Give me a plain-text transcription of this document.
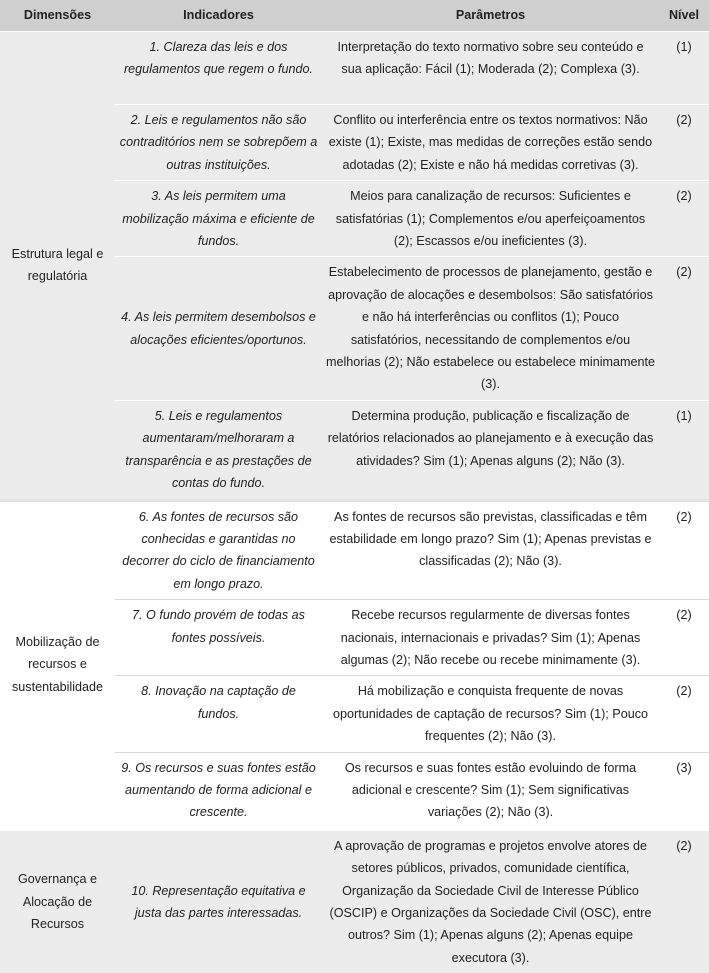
Dimensões	Indicadores	Parâmetros	Nível
Estrutura legal e regulatória	1. Clareza das leis e dos regulamentos que regem o fundo.	Interpretação do texto normativo sobre seu conteúdo e sua aplicação: Fácil (1); Moderada (2); Complexa (3).	(1)
	2. Leis e regulamentos não são contraditórios nem se sobrepõem a outras instituições.	Conflito ou interferência entre os textos normativos: Não existe (1); Existe, mas medidas de correções estão sendo adotadas (2); Existe e não há medidas corretivas (3).	(2)
	3. As leis permitem uma mobilização máxima e eficiente de fundos.	Meios para canalização de recursos: Suficientes e satisfatórias (1); Complementos e/ou aperfeiçoamentos (2); Escassos e/ou ineficientes (3).	(2)
	4. As leis permitem desembolsos e alocações eficientes/oportunos.	Estabelecimento de processos de planejamento, gestão e aprovação de alocações e desembolsos: São satisfatórios e não há interferências ou conflitos (1); Pouco satisfatórios, necessitando de complementos e/ou melhorias (2); Não estabelece ou estabelece minimamente (3).	(2)
	5. Leis e regulamentos aumentaram/melhoraram a transparência e as prestações de contas do fundo.	Determina produção, publicação e fiscalização de relatórios relacionados ao planejamento e à execução das atividades? Sim (1); Apenas alguns (2); Não (3).	(1)
Mobilização de recursos e sustentabilidade	6. As fontes de recursos são conhecidas e garantidas no decorrer do ciclo de financiamento em longo prazo.	As fontes de recursos são previstas, classificadas e têm estabilidade em longo prazo? Sim (1); Apenas previstas e classificadas (2); Não (3).	(2)
	7. O fundo provém de todas as fontes possíveis.	Recebe recursos regularmente de diversas fontes nacionais, internacionais e privadas? Sim (1); Apenas algumas (2); Não recebe ou recebe minimamente (3).	(2)
	8. Inovação na captação de fundos.	Há mobilização e conquista frequente de novas oportunidades de captação de recursos? Sim (1); Pouco frequentes (2); Não (3).	(2)
	9. Os recursos e suas fontes estão aumentando de forma adicional e crescente.	Os recursos e suas fontes estão evoluindo de forma adicional e crescente? Sim (1); Sem significativas variações (2); Não (3).	(3)
Governança e Alocação de Recursos	10. Representação equitativa e justa das partes interessadas.	A aprovação de programas e projetos envolve atores de setores públicos, privados, comunidade científica, Organização da Sociedade Civil de Interesse Público (OSCIP) e Organizações da Sociedade Civil (OSC), entre outros? Sim (1); Apenas alguns (2); Apenas equipe executora (3).	(2)
